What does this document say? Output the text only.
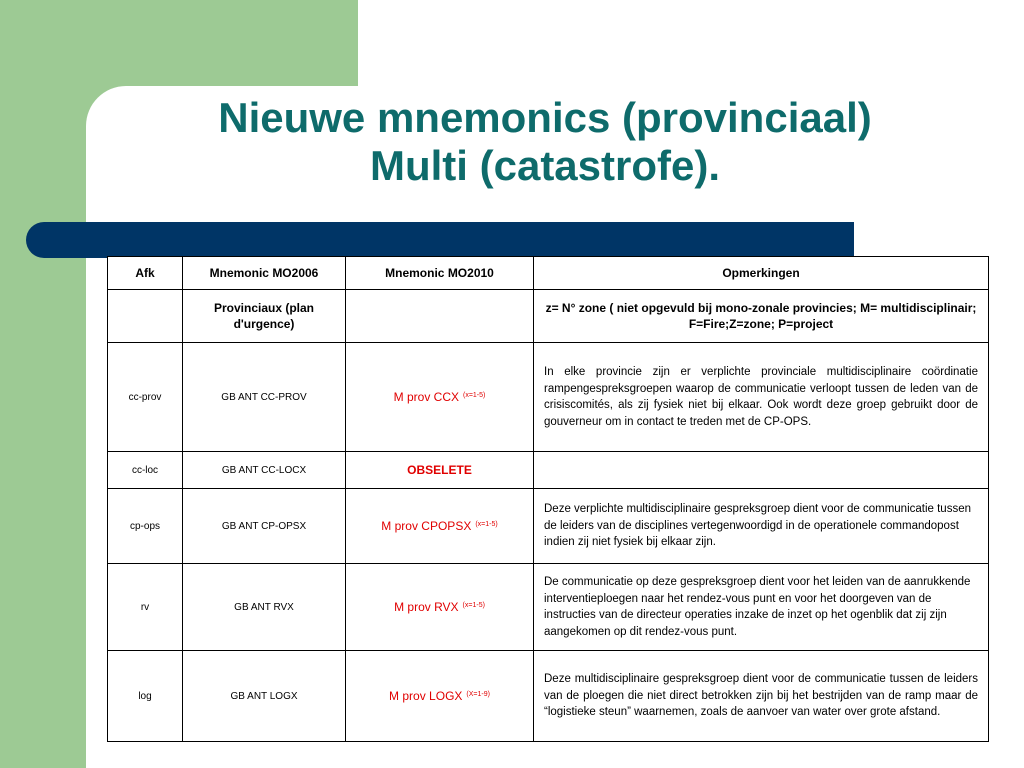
Nieuwe mnemonics (provinciaal)
Multi (catastrofe).
Afk	Mnemonic MO2006	Mnemonic MO2010	Opmerkingen
	Provinciaux (plan d'urgence)		z= N° zone ( niet opgevuld bij mono-zonale provincies; M= multidisciplinair; F=Fire;Z=zone; P=project
cc-prov	GB ANT CC-PROV	M prov CCX $^{(x=1-5)}$	In elke provincie zijn er verplichte provinciale multidisciplinaire coördinatie rampengespreksgroepen waarop de communicatie verloopt tussen de leden van de crisiscomités, als zij fysiek niet bij elkaar. Ook wordt deze groep gebruikt door de gouverneur om in contact te treden met de CP-OPS.
cc-loc	GB ANT CC-LOCX	OBSELETE	
cp-ops	GB ANT CP-OPSX	M prov CPOPSX $^{(x=1-5)}$	Deze verplichte multidisciplinaire gespreksgroep dient voor de communicatie tussen de leiders van de disciplines vertegenwoordigd in de operationele commandopost indien zij niet fysiek bij elkaar zijn.
rv	GB ANT RVX	M prov RVX $^{(x=1-5)}$	De communicatie op deze gespreksgroep dient voor het leiden van de aanrukkende interventieploegen naar het rendez-vous punt en voor het doorgeven van de instructies van de directeur operaties inzake de inzet op het ogenblik dat zij zijn aangekomen op dit rendez-vous punt.
log	GB ANT LOGX	M prov LOGX $^{(X=1-9)}$	Deze multidisciplinaire gespreksgroep dient voor de communicatie tussen de leiders van de ploegen die niet direct betrokken zijn bij het bestrijden van de ramp maar de “logistieke steun” waarnemen, zoals de aanvoer van water over grote afstand.
